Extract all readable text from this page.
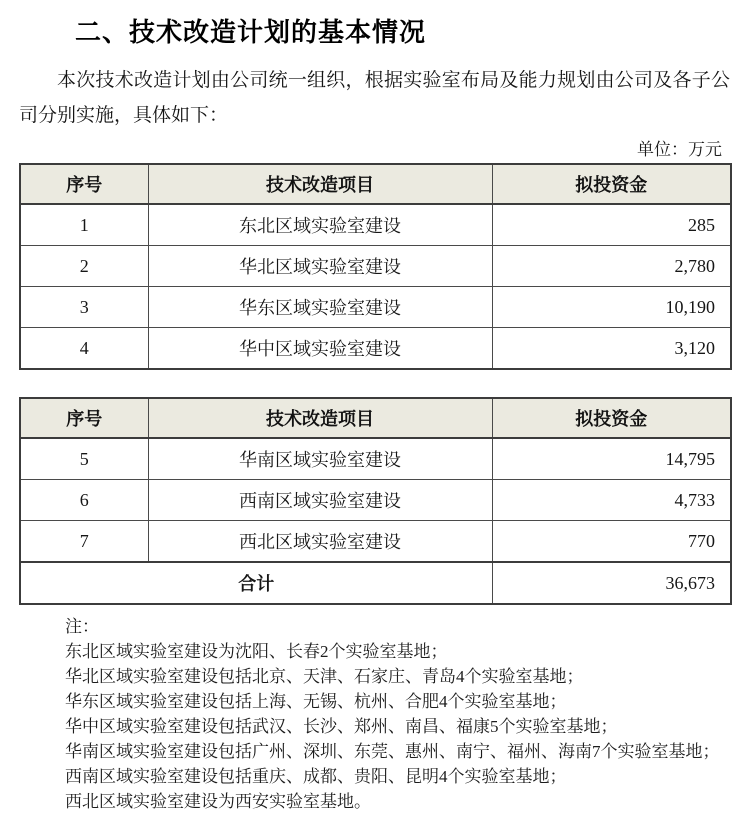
二、技术改造计划的基本情况

本次技术改造计划由公司统一组织，根据实验室布局及能力规划由公司及各子公司分别实施，具体如下：

单位：万元
序号	技术改造项目	拟投资金
1	东北区域实验室建设	285
2	华北区域实验室建设	2,780
3	华东区域实验室建设	10,190
4	华中区域实验室建设	3,120
序号	技术改造项目	拟投资金
5	华南区域实验室建设	14,795
6	西南区域实验室建设	4,733
7	西北区域实验室建设	770
合计		36,673
注：
东北区域实验室建设为沈阳、长春2个实验室基地；
华北区域实验室建设包括北京、天津、石家庄、青岛4个实验室基地；
华东区域实验室建设包括上海、无锡、杭州、合肥4个实验室基地；
华中区域实验室建设包括武汉、长沙、郑州、南昌、福康5个实验室基地；
华南区域实验室建设包括广州、深圳、东莞、惠州、南宁、福州、海南7个实验室基地；
西南区域实验室建设包括重庆、成都、贵阳、昆明4个实验室基地；
西北区域实验室建设为西安实验室基地。
